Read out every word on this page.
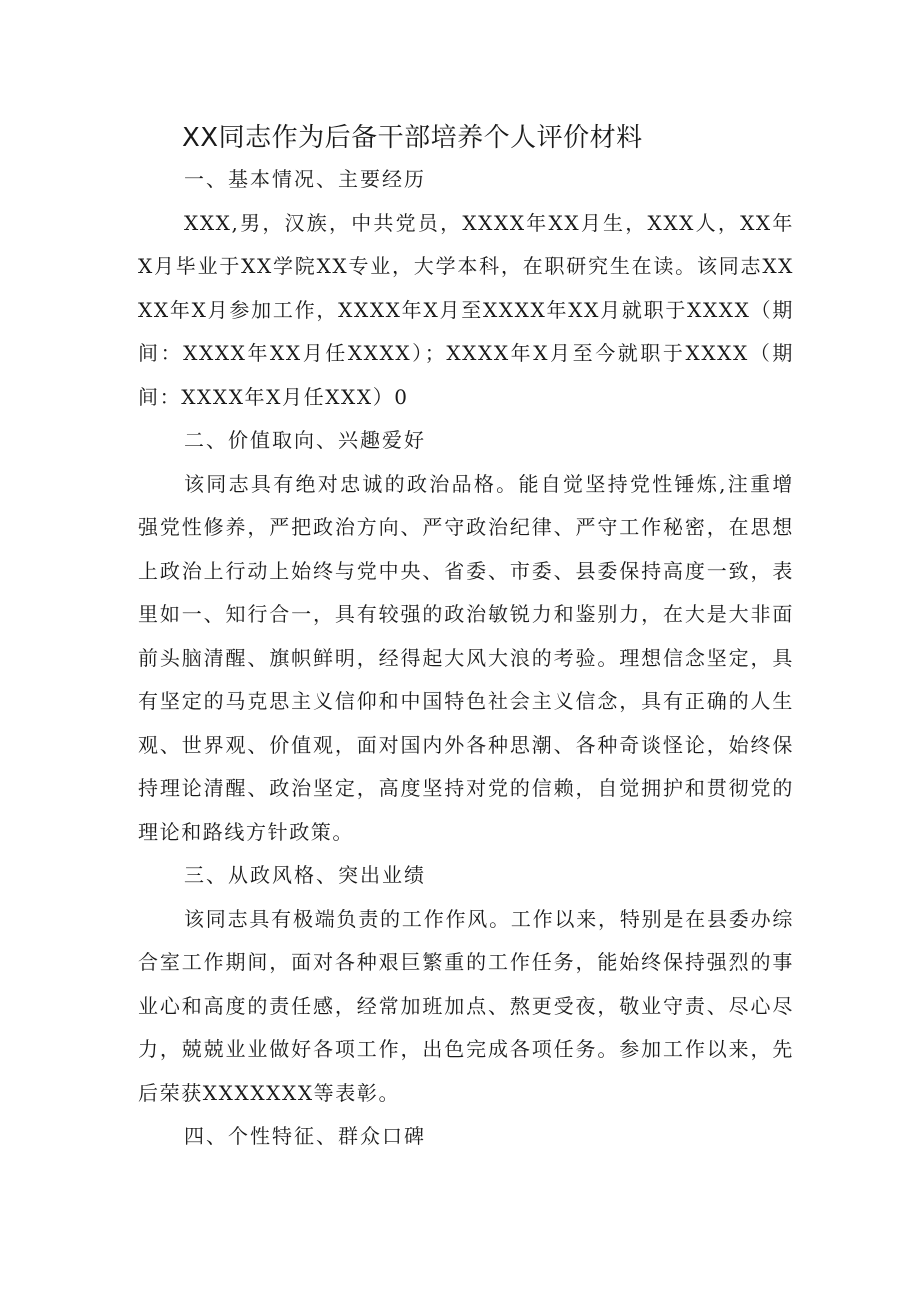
XX同志作为后备干部培养个人评价材料
一、基本情况、主要经历

XXX,男，汉族，中共党员，XXXX年XX月生，XXX人，XX年X月毕业于XX学院XX专业，大学本科，在职研究生在读。该同志XXXX年X月参加工作，XXXX年X月至XXXX年XX月就职于XXXX（期间：XXXX年XX月任XXXX）；XXXX年X月至今就职于XXXX（期间：XXXX年X月任XXX）0

二、价值取向、兴趣爱好

该同志具有绝对忠诚的政治品格。能自觉坚持党性锤炼,注重增强党性修养，严把政治方向、严守政治纪律、严守工作秘密，在思想上政治上行动上始终与党中央、省委、市委、县委保持高度一致，表里如一、知行合一，具有较强的政治敏锐力和鉴别力，在大是大非面前头脑清醒、旗帜鲜明，经得起大风大浪的考验。理想信念坚定，具有坚定的马克思主义信仰和中国特色社会主义信念，具有正确的人生观、世界观、价值观，面对国内外各种思潮、各种奇谈怪论，始终保持理论清醒、政治坚定，高度坚持对党的信赖，自觉拥护和贯彻党的理论和路线方针政策。

三、从政风格、突出业绩

该同志具有极端负责的工作作风。工作以来，特别是在县委办综合室工作期间，面对各种艰巨繁重的工作任务，能始终保持强烈的事业心和高度的责任感，经常加班加点、熬更受夜，敬业守责、尽心尽力，兢兢业业做好各项工作，出色完成各项任务。参加工作以来，先后荣获XXXXXXX等表彰。

四、个性特征、群众口碑
